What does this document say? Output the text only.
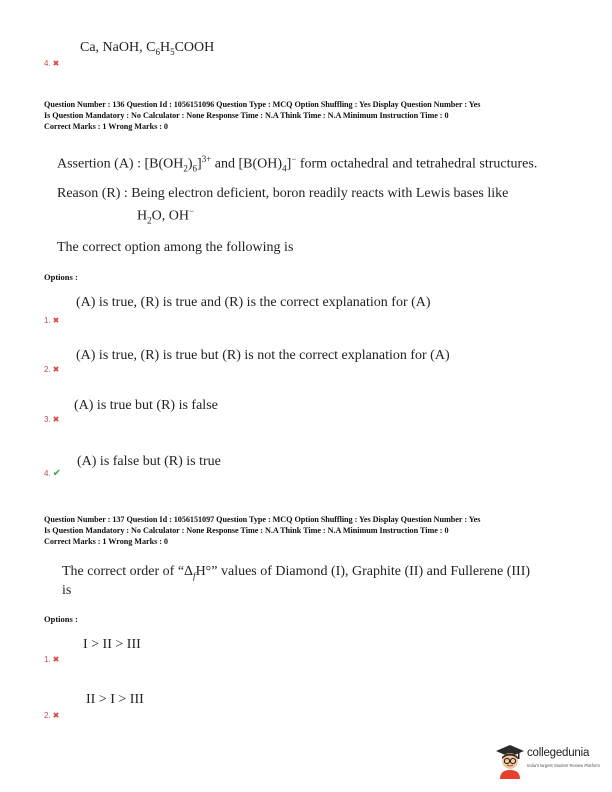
Ca, NaOH, $C_6H_5COOH$
4. ✖
Question Number : 136 Question Id : 1056151096 Question Type : MCQ Option Shuffling : Yes Display Question Number : Yes
Is Question Mandatory : No Calculator : None Response Time : N.A Think Time : N.A Minimum Instruction Time : 0
Correct Marks : 1 Wrong Marks : 0
Assertion (A) : $[B(OH_2)_6]^{3+}$ and $[B(OH)_4]^-$ form octahedral and tetrahedral structures.
Reason (R) : Being electron deficient, boron readily reacts with Lewis bases like
$H_2O$, OH−
The correct option among the following is
Options :
(A) is true, (R) is true and (R) is the correct explanation for (A)
1. ✖
(A) is true, (R) is true but (R) is not the correct explanation for (A)
2. ✖
(A) is true but (R) is false
3. ✖
(A) is false but (R) is true
4. ✔
Question Number : 137 Question Id : 1056151097 Question Type : MCQ Option Shuffling : Yes Display Question Number : Yes
Is Question Mandatory : No Calculator : None Response Time : N.A Think Time : N.A Minimum Instruction Time : 0
Correct Marks : 1 Wrong Marks : 0
The correct order of “$\Delta_fH^\circ$” values of Diamond (I), Graphite (II) and Fullerene (III)
is
Options :
I > II > III
1. ✖
II > I > III
2. ✖
collegedunia
India's largest Student Review Platform
